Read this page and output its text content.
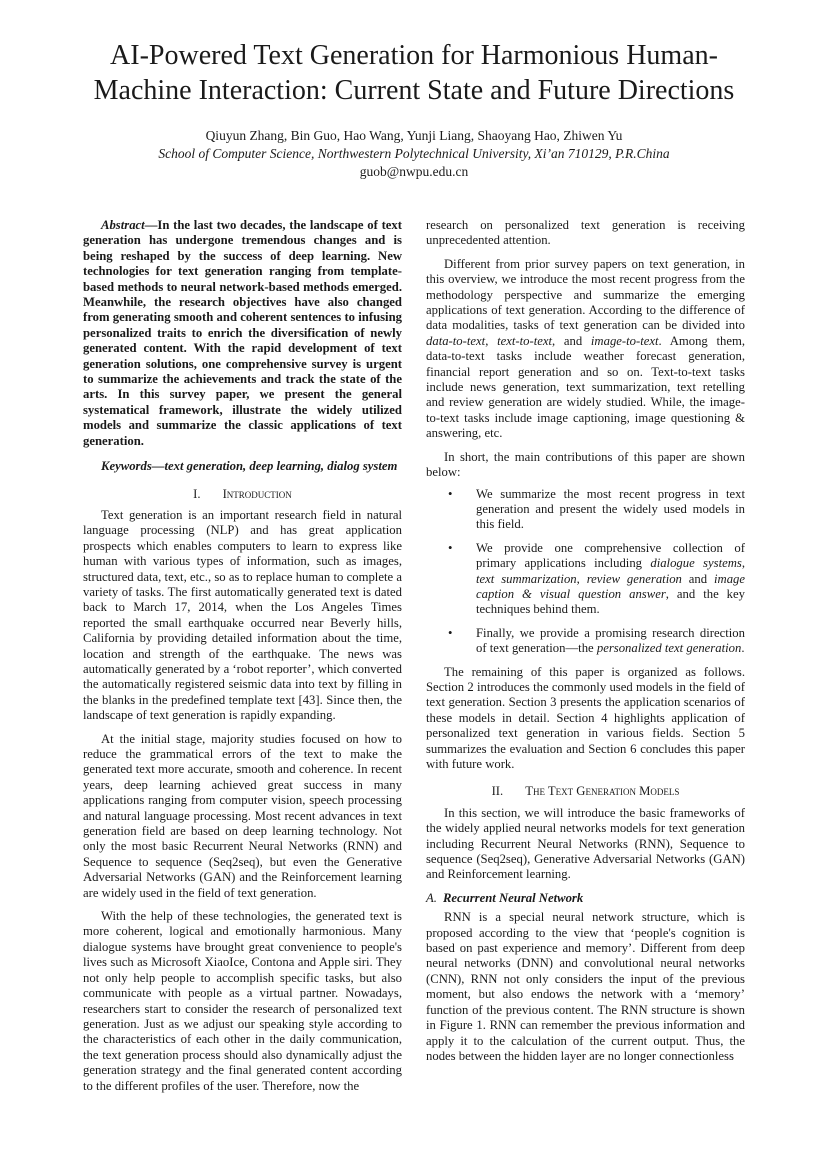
AI-Powered Text Generation for Harmonious Human-
Machine Interaction: Current State and Future Directions
Qiuyun Zhang, Bin Guo, Hao Wang, Yunji Liang, Shaoyang Hao, Zhiwen Yu
School of Computer Science, Northwestern Polytechnical University, Xi’an 710129, P.R.China
guob@nwpu.edu.cn

Abstract—In the last two decades, the landscape of text generation has undergone tremendous changes and is being reshaped by the success of deep learning. New technologies for text generation ranging from template-based methods to neural network-based methods emerged. Meanwhile, the research objectives have also changed from generating smooth and coherent sentences to infusing personalized traits to enrich the diversification of newly generated content. With the rapid development of text generation solutions, one comprehensive survey is urgent to summarize the achievements and track the state of the arts. In this survey paper, we present the general systematical framework, illustrate the widely utilized models and summarize the classic applications of text generation.

Keywords—text generation, deep learning, dialog system

I. Introduction

Text generation is an important research field in natural language processing (NLP) and has great application prospects which enables computers to learn to express like human with various types of information, such as images, structured data, text, etc., so as to replace human to complete a variety of tasks. The first automatically generated text is dated back to March 17, 2014, when the Los Angeles Times reported the small earthquake occurred near Beverly hills, California by providing detailed information about the time, location and strength of the earthquake. The news was automatically generated by a ‘robot reporter’, which converted the automatically registered seismic data into text by filling in the blanks in the predefined template text [43]. Since then, the landscape of text generation is rapidly expanding.

At the initial stage, majority studies focused on how to reduce the grammatical errors of the text to make the generated text more accurate, smooth and coherence. In recent years, deep learning achieved great success in many applications ranging from computer vision, speech processing and natural language processing. Most recent advances in text generation field are based on deep learning technology. Not only the most basic Recurrent Neural Networks (RNN) and Sequence to sequence (Seq2seq), but even the Generative Adversarial Networks (GAN) and the Reinforcement learning are widely used in the field of text generation.

With the help of these technologies, the generated text is more coherent, logical and emotionally harmonious. Many dialogue systems have brought great convenience to people's lives such as Microsoft XiaoIce, Contona and Apple siri. They not only help people to accomplish specific tasks, but also communicate with people as a virtual partner. Nowadays, researchers start to consider the research of personalized text generation. Just as we adjust our speaking style according to the characteristics of each other in the daily communication, the text generation process should also dynamically adjust the generation strategy and the final generated content according to the different profiles of the user. Therefore, now the

research on personalized text generation is receiving unprecedented attention.

Different from prior survey papers on text generation, in this overview, we introduce the most recent progress from the methodology perspective and summarize the emerging applications of text generation. According to the difference of data modalities, tasks of text generation can be divided into data-to-text, text-to-text, and image-to-text. Among them, data-to-text tasks include weather forecast generation, financial report generation and so on. Text-to-text tasks include news generation, text summarization, text retelling and review generation are widely studied. While, the image-to-text tasks include image captioning, image questioning & answering, etc.

In short, the main contributions of this paper are shown below:

• We summarize the most recent progress in text generation and present the widely used models in this field.
• We provide one comprehensive collection of primary applications including dialogue systems, text summarization, review generation and image caption & visual question answer, and the key techniques behind them.
• Finally, we provide a promising research direction of text generation—the personalized text generation.

The remaining of this paper is organized as follows. Section 2 introduces the commonly used models in the field of text generation. Section 3 presents the application scenarios of these models in detail. Section 4 highlights application of personalized text generation in various fields. Section 5 summarizes the evaluation and Section 6 concludes this paper with future work.

II. The Text Generation Models

In this section, we will introduce the basic frameworks of the widely applied neural networks models for text generation including Recurrent Neural Networks (RNN), Sequence to sequence (Seq2seq), Generative Adversarial Networks (GAN) and Reinforcement learning.

A. Recurrent Neural Network

RNN is a special neural network structure, which is proposed according to the view that ‘people's cognition is based on past experience and memory’. Different from deep neural networks (DNN) and convolutional neural networks (CNN), RNN not only considers the input of the previous moment, but also endows the network with a ‘memory’ function of the previous content. The RNN structure is shown in Figure 1. RNN can remember the previous information and apply it to the calculation of the current output. Thus, the nodes between the hidden layer are no longer connectionless
